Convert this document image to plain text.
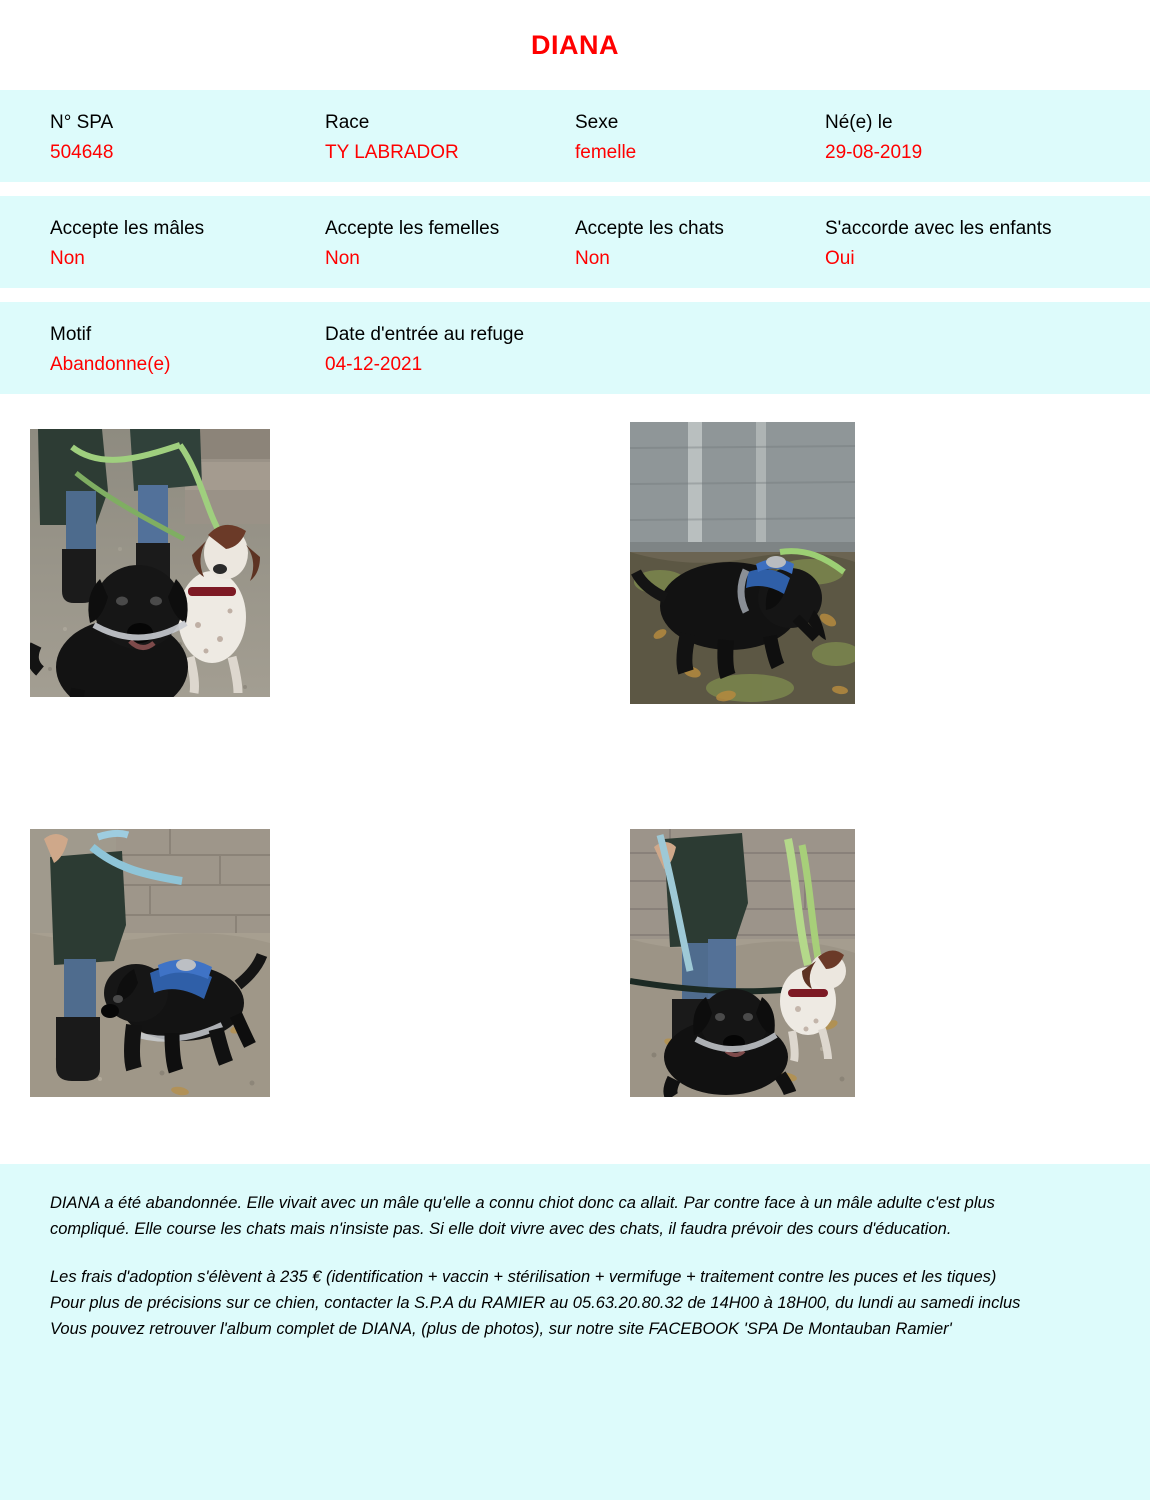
DIANA
N° SPA
504648
Race
TY LABRADOR
Sexe
femelle
Né(e) le
29-08-2019
Accepte les mâles
Non
Accepte les femelles
Non
Accepte les chats
Non
S'accorde avec les enfants
Oui
Motif
Abandonne(e)
Date d'entrée au refuge
04-12-2021

DIANA a été abandonnée. Elle vivait avec un mâle qu'elle a connu chiot donc ca allait. Par contre face à un mâle adulte c'est plus

compliqué. Elle course les chats mais n'insiste pas. Si elle doit vivre avec des chats, il faudra prévoir des cours d'éducation.

Les frais d'adoption s'élèvent à 235 € (identification + vaccin + stérilisation + vermifuge + traitement contre les puces et les tiques)

Pour plus de précisions sur ce chien, contacter la S.P.A du RAMIER au 05.63.20.80.32 de 14H00 à 18H00, du lundi au samedi inclus

Vous pouvez retrouver l'album complet de DIANA, (plus de photos), sur notre site FACEBOOK 'SPA De Montauban Ramier'
